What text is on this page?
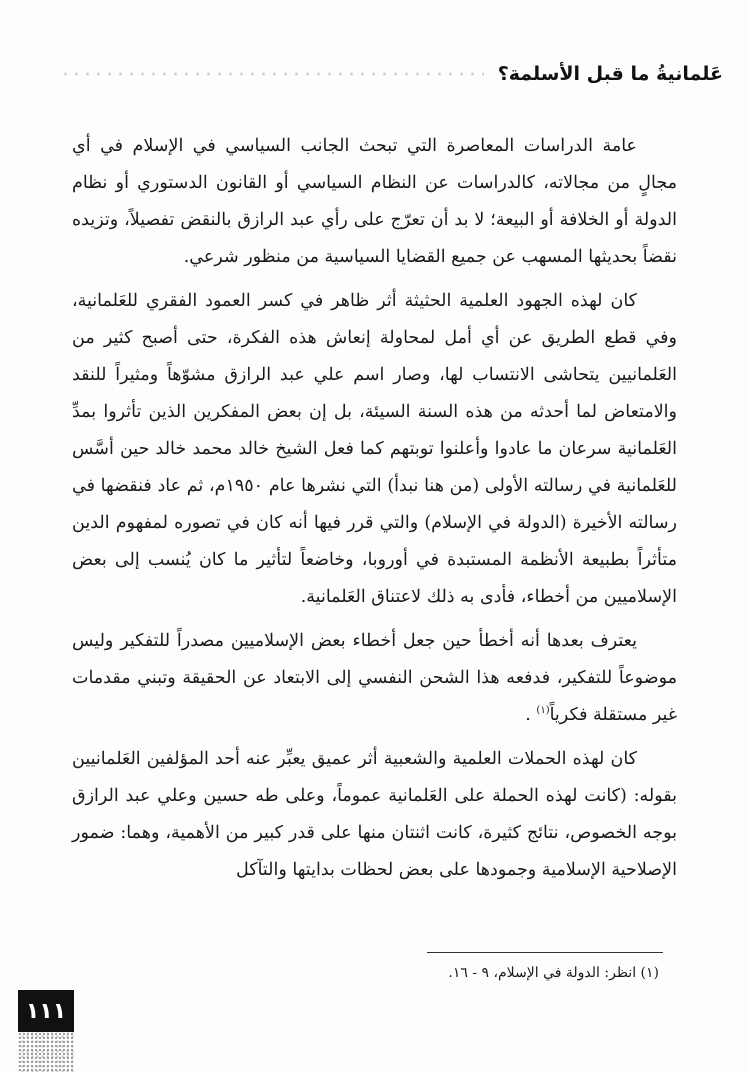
عَلمانيةُ ما قبل الأسلمة؟

عامة الدراسات المعاصرة التي تبحث الجانب السياسي في الإسلام في أي مجالٍ من مجالاته، كالدراسات عن النظام السياسي أو القانون الدستوري أو نظام الدولة أو الخلافة أو البيعة؛ لا بد أن تعرّج على رأي عبد الرازق بالنقض تفصيلاً، وتزيده نقضاً بحديثها المسهب عن جميع القضايا السياسية من منظور شرعي.

كان لهذه الجهود العلمية الحثيثة أثر ظاهر في كسر العمود الفقري للعَلمانية، وفي قطع الطريق عن أي أمل لمحاولة إنعاش هذه الفكرة، حتى أصبح كثير من العَلمانيين يتحاشى الانتساب لها، وصار اسم علي عبد الرازق مشوّهاً ومثيراً للنقد والامتعاض لما أحدثه من هذه السنة السيئة، بل إن بعض المفكرين الذين تأثروا بمدِّ العَلمانية سرعان ما عادوا وأعلنوا توبتهم كما فعل الشيخ خالد محمد خالد حين أسَّس للعَلمانية في رسالته الأولى (من هنا نبدأ) التي نشرها عام ١٩٥٠م، ثم عاد فنقضها في رسالته الأخيرة (الدولة في الإسلام) والتي قرر فيها أنه كان في تصوره لمفهوم الدين متأثراً بطبيعة الأنظمة المستبدة في أوروبا، وخاضعاً لتأثير ما كان يُنسب إلى بعض الإسلاميين من أخطاء، فأدى به ذلك لاعتناق العَلمانية.

يعترف بعدها أنه أخطأ حين جعل أخطاء بعض الإسلاميين مصدراً للتفكير وليس موضوعاً للتفكير، فدفعه هذا الشحن النفسي إلى الابتعاد عن الحقيقة وتبني مقدمات غير مستقلة فكرياً$^{(١)}$ .

كان لهذه الحملات العلمية والشعبية أثر عميق يعبِّر عنه أحد المؤلفين العَلمانيين بقوله: (كانت لهذه الحملة على العَلمانية عموماً، وعلى طه حسين وعلي عبد الرازق بوجه الخصوص، نتائج كثيرة، كانت اثنتان منها على قدر كبير من الأهمية، وهما: ضمور الإصلاحية الإسلامية وجمودها على بعض لحظات بدايتها والتآكل

(١) انظر: الدولة في الإسلام، ٩ - ١٦.
١١١
